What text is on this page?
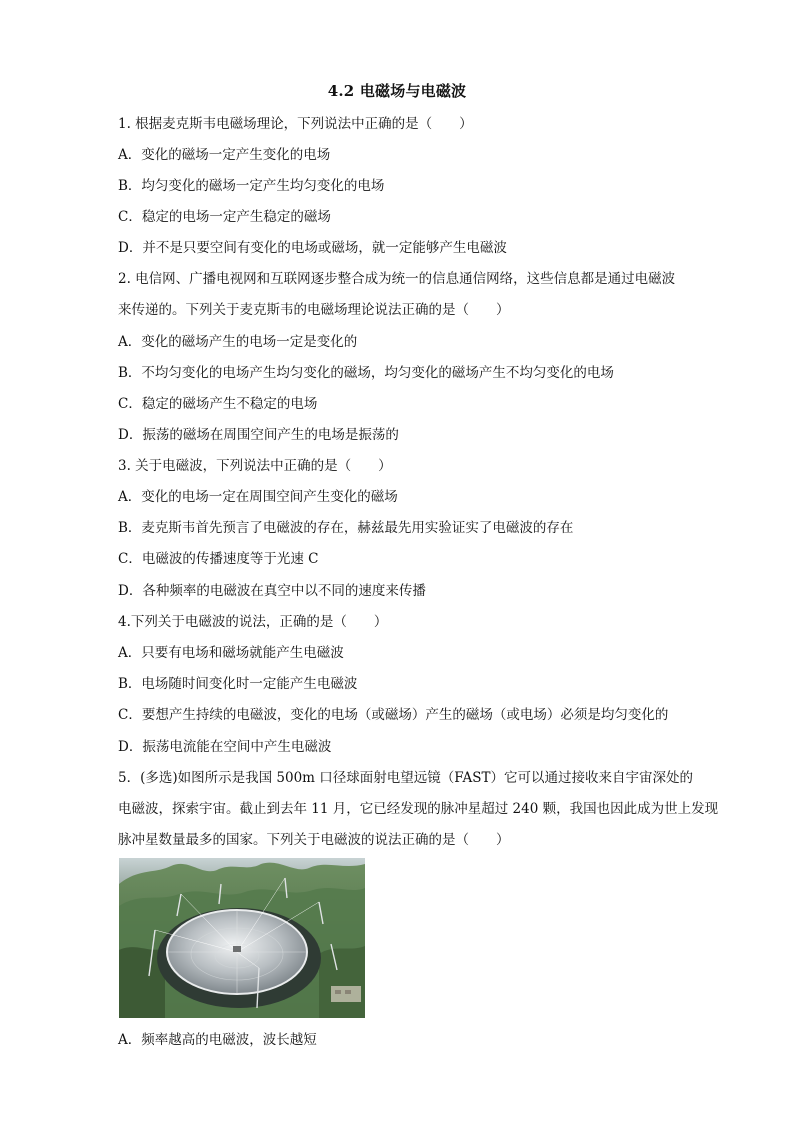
4.2 电磁场与电磁波
1. 根据麦克斯韦电磁场理论，下列说法中正确的是（　　）
A．变化的磁场一定产生变化的电场
B．均匀变化的磁场一定产生均匀变化的电场
C．稳定的电场一定产生稳定的磁场
D．并不是只要空间有变化的电场或磁场，就一定能够产生电磁波
2. 电信网、广播电视网和互联网逐步整合成为统一的信息通信网络，这些信息都是通过电磁波
来传递的。下列关于麦克斯韦的电磁场理论说法正确的是（　　）
A．变化的磁场产生的电场一定是变化的
B．不均匀变化的电场产生均匀变化的磁场，均匀变化的磁场产生不均匀变化的电场
C．稳定的磁场产生不稳定的电场
D．振荡的磁场在周围空间产生的电场是振荡的
3. 关于电磁波，下列说法中正确的是（　　）
A．变化的电场一定在周围空间产生变化的磁场
B．麦克斯韦首先预言了电磁波的存在，赫兹最先用实验证实了电磁波的存在
C．电磁波的传播速度等于光速 C
D．各种频率的电磁波在真空中以不同的速度来传播
4.下列关于电磁波的说法，正确的是（　　）
A．只要有电场和磁场就能产生电磁波
B．电场随时间变化时一定能产生电磁波
C．要想产生持续的电磁波，变化的电场（或磁场）产生的磁场（或电场）必须是均匀变化的
D．振荡电流能在空间中产生电磁波
5．(多选)如图所示是我国 500m 口径球面射电望远镜（FAST）它可以通过接收来自宇宙深处的
电磁波，探索宇宙。截止到去年 11 月，它已经发现的脉冲星超过 240 颗，我国也因此成为世上发现
脉冲星数量最多的国家。下列关于电磁波的说法正确的是（　　）
A．频率越高的电磁波，波长越短
